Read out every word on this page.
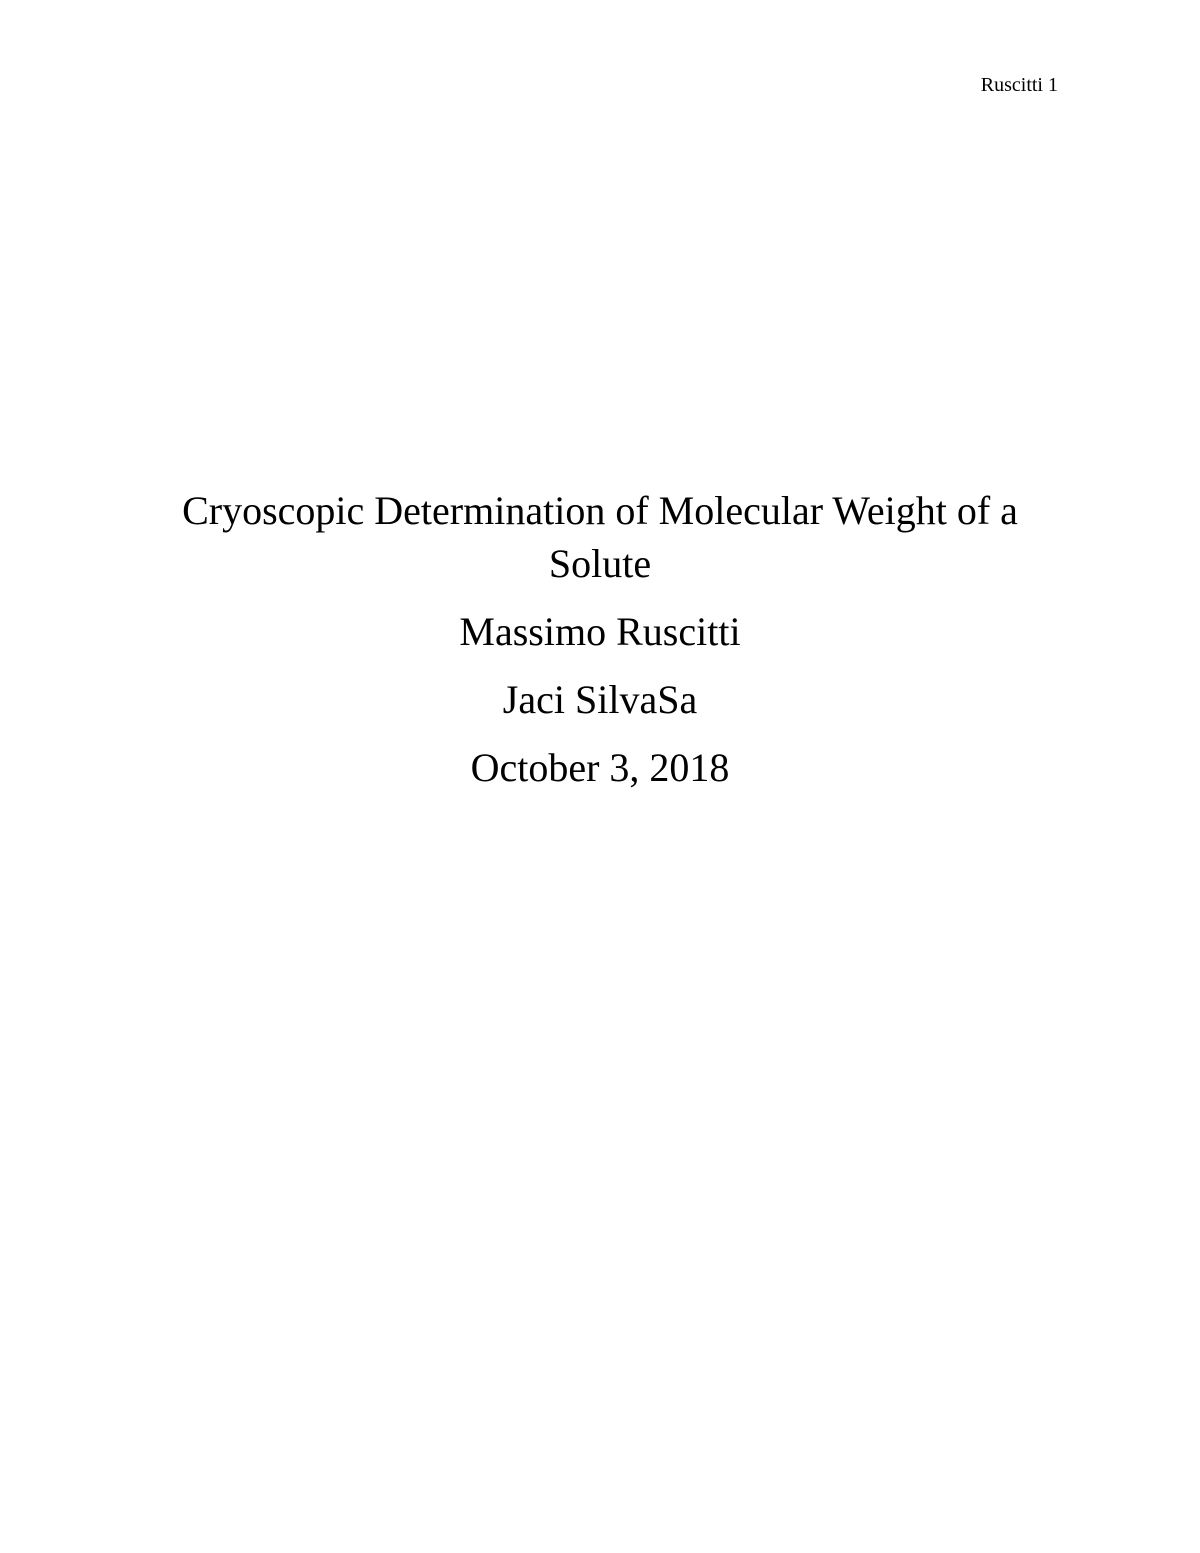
Ruscitti 1
Cryoscopic Determination of Molecular Weight of a
Solute
Massimo Ruscitti
Jaci SilvaSa
October 3, 2018
